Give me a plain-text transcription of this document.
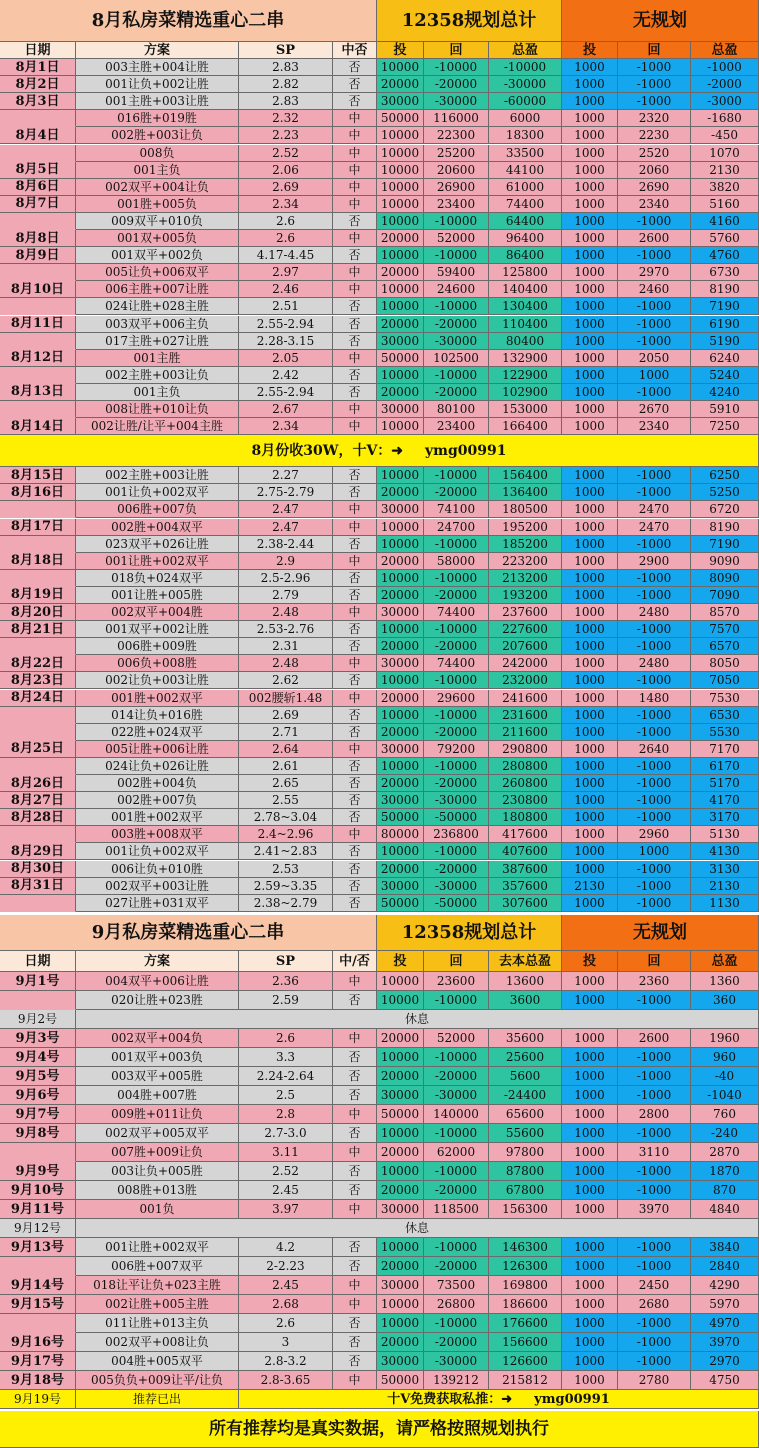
8月私房菜精选重心二串	12358规划总计	无规划
日期	方案	SP	中否	投	回	总盈	投	回	总盈
8月1日	003主胜+004让胜	2.83	否	10000	-10000	-10000	1000	-1000	-1000
8月2日	001让负+002让胜	2.82	否	20000	-20000	-30000	1000	-1000	-2000
8月3日	001主胜+003让胜	2.83	否	30000	-30000	-60000	1000	-1000	-3000
016胜+019胜	2.32	中	50000	116000	6000	1000	2320	-1680
8月4日	002胜+003让负	2.23	中	10000	22300	18300	1000	2230	-450
008负	2.52	中	10000	25200	33500	1000	2520	1070
8月5日	001主负	2.06	中	10000	20600	44100	1000	2060	2130
8月6日	002双平+004让负	2.69	中	10000	26900	61000	1000	2690	3820
8月7日	001胜+005负	2.34	中	10000	23400	74400	1000	2340	5160
009双平+010负	2.6	否	10000	-10000	64400	1000	-1000	4160
8月8日	001双+005负	2.6	中	20000	52000	96400	1000	2600	5760
8月9日	001双平+002负	4.17-4.45	否	10000	-10000	86400	1000	-1000	4760
005让负+006双平	2.97	中	20000	59400	125800	1000	2970	6730
8月10日	006主胜+007让胜	2.46	中	10000	24600	140400	1000	2460	8190
024让胜+028主胜	2.51	否	10000	-10000	130400	1000	-1000	7190
8月11日	003双平+006主负	2.55-2.94	否	20000	-20000	110400	1000	-1000	6190
017主胜+027让胜	2.28-3.15	否	30000	-30000	80400	1000	-1000	5190
8月12日	001主胜	2.05	中	50000	102500	132900	1000	2050	6240
002主胜+003让负	2.42	否	10000	-10000	122900	1000	1000	5240
8月13日	001主负	2.55-2.94	否	20000	-20000	102900	1000	-1000	4240
008让胜+010让负	2.67	中	30000	80100	153000	1000	2670	5910
8月14日	002让胜/让平+004主胜	2.34	中	10000	23400	166400	1000	2340	7250
8月15日	002主胜+003让胜	2.27	否	10000	-10000	156400	1000	-1000	6250
8月16日	001让负+002双平	2.75-2.79	否	20000	-20000	136400	1000	-1000	5250
006胜+007负	2.47	中	30000	74100	180500	1000	2470	6720
8月17日	002胜+004双平	2.47	中	10000	24700	195200	1000	2470	8190
023双平+026让胜	2.38-2.44	否	10000	-10000	185200	1000	-1000	7190
8月18日	001让胜+002双平	2.9	中	20000	58000	223200	1000	2900	9090
018负+024双平	2.5-2.96	否	10000	-10000	213200	1000	-1000	8090
8月19日	001让胜+005胜	2.79	否	20000	-20000	193200	1000	-1000	7090
8月20日	002双平+004胜	2.48	中	30000	74400	237600	1000	2480	8570
8月21日	001双平+002让胜	2.53-2.76	否	10000	-10000	227600	1000	-1000	7570
006胜+009胜	2.31	否	20000	-20000	207600	1000	-1000	6570
8月22日	006负+008胜	2.48	中	30000	74400	242000	1000	2480	8050
8月23日	002让负+003让胜	2.62	否	10000	-10000	232000	1000	-1000	7050
8月24日	001胜+002双平	002腰斩1.48	中	20000	29600	241600	1000	1480	7530
014让负+016胜	2.69	否	10000	-10000	231600	1000	-1000	6530
022胜+024双平	2.71	否	20000	-20000	211600	1000	-1000	5530
8月25日	005让胜+006让胜	2.64	中	30000	79200	290800	1000	2640	7170
024让负+026让胜	2.61	否	10000	-10000	280800	1000	-1000	6170
8月26日	002胜+004负	2.65	否	20000	-20000	260800	1000	-1000	5170
8月27日	002胜+007负	2.55	否	30000	-30000	230800	1000	-1000	4170
8月28日	001胜+002双平	2.78~3.04	否	50000	-50000	180800	1000	-1000	3170
003胜+008双平	2.4~2.96	中	80000	236800	417600	1000	2960	5130
8月29日	001让负+002双平	2.41~2.83	否	10000	-10000	407600	1000	1000	4130
8月30日	006让负+010胜	2.53	否	20000	-20000	387600	1000	-1000	3130
8月31日	002双平+003让胜	2.59~3.35	否	30000	-30000	357600	2130	-1000	2130
027让胜+031双平	2.38~2.79	否	50000	-50000	307600	1000	-1000	1130
8月份收30W，十V：➜ ymg00991
9月私房菜精选重心二串	12358规划总计	无规划
日期	方案	SP	中/否	投	回	去本总盈	投	回	总盈
9月1号	004双平+006让胜	2.36	中	10000	23600	13600	1000	2360	1360
020让胜+023胜	2.59	否	10000	-10000	3600	1000	-1000	360
9月2号	休息
9月3号	002双平+004负	2.6	中	20000	52000	35600	1000	2600	1960
9月4号	001双平+003负	3.3	否	10000	-10000	25600	1000	-1000	960
9月5号	003双平+005胜	2.24-2.64	否	20000	-20000	5600	1000	-1000	-40
9月6号	004胜+007胜	2.5	否	30000	-30000	-24400	1000	-1000	-1040
9月7号	009胜+011让负	2.8	中	50000	140000	65600	1000	2800	760
9月8号	002双平+005双平	2.7-3.0	否	10000	-10000	55600	1000	-1000	-240
007胜+009让负	3.11	中	20000	62000	97800	1000	3110	2870
9月9号	003让负+005胜	2.52	否	10000	-10000	87800	1000	-1000	1870
9月10号	008胜+013胜	2.45	否	20000	-20000	67800	1000	-1000	870
9月11号	001负	3.97	中	30000	118500	156300	1000	3970	4840
9月12号	休息
9月13号	001让胜+002双平	4.2	否	10000	-10000	146300	1000	-1000	3840
006胜+007双平	2-2.23	否	20000	-20000	126300	1000	-1000	2840
9月14号	018让平让负+023主胜	2.45	中	30000	73500	169800	1000	2450	4290
9月15号	002让胜+005主胜	2.68	中	10000	26800	186600	1000	2680	5970
011让胜+013主负	2.6	否	10000	-10000	176600	1000	-1000	4970
9月16号	002双平+008让负	3	否	20000	-20000	156600	1000	-1000	3970
9月17号	004胜+005双平	2.8-3.2	否	30000	-30000	126600	1000	-1000	2970
9月18号	005负负+009让平/让负	2.8-3.65	中	50000	139212	215812	1000	2780	4750
9月19号	推荐已出	十V免费获取私推：➜ ymg00991
所有推荐均是真实数据，请严格按照规划执行
